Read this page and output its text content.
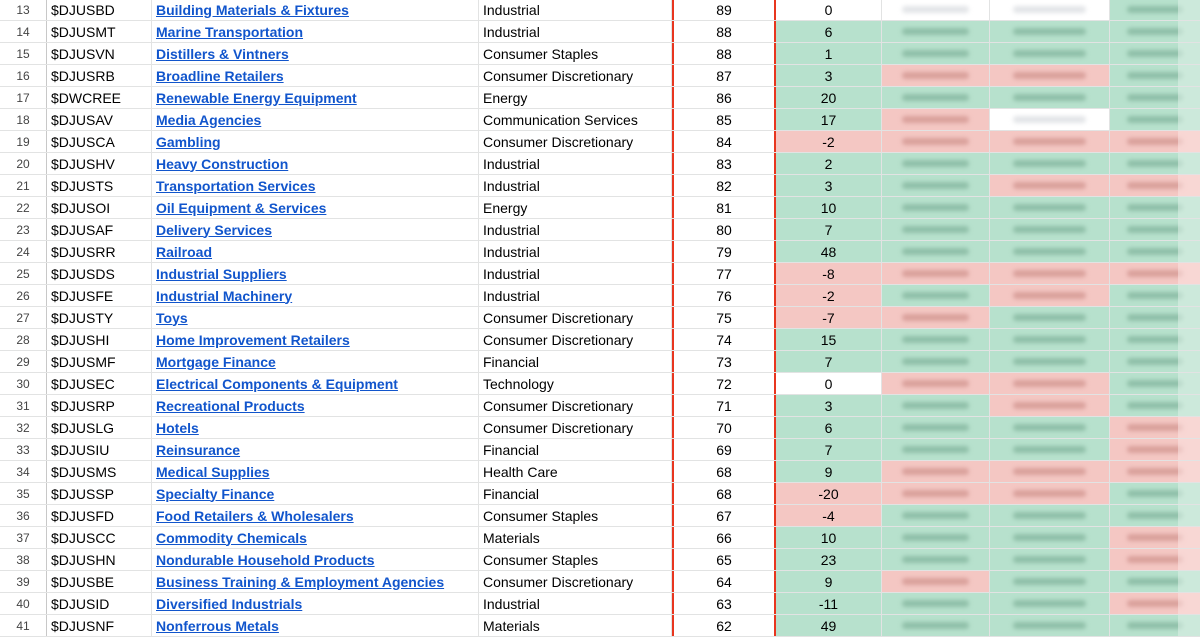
13 $DJUSBD	Building Materials & Fixtures	Industrial	89	0
14 $DJUSMT	Marine Transportation	Industrial	88	6
15 $DJUSVN	Distillers & Vintners	Consumer Staples	88	1
16 $DJUSRB	Broadline Retailers	Consumer Discretionary	87	3
17 $DWCREE Renewable Energy Equipment	Energy	86	20
18 $DJUSAV	Media Agencies	Communication Services	85	17
19 $DJUSCA	Gambling	Consumer Discretionary	84	-2
20 $DJUSHV	Heavy Construction	Industrial	83	2
21 $DJUSTS	Transportation Services	Industrial	82	3
22 $DJUSOI	Oil Equipment & Services	Energy	81	10
23 $DJUSAF	Delivery Services	Industrial	80	7
24 $DJUSRR	Railroad	Industrial	79	48
25 $DJUSDS	Industrial Suppliers	Industrial	77	-8
26 $DJUSFE	Industrial Machinery	Industrial	76	-2
27 $DJUSTY	Toys	Consumer Discretionary	75	-7
28 $DJUSHI	Home Improvement Retailers	Consumer Discretionary	74	15
29 $DJUSMF	Mortgage Finance	Financial	73	7
30 $DJUSEC	Electrical Components & Equipment	Technology	72	0
31 $DJUSRP	Recreational Products	Consumer Discretionary	71	3
32 $DJUSLG	Hotels	Consumer Discretionary	70	6
33 $DJUSIU	Reinsurance	Financial	69	7
34 $DJUSMS	Medical Supplies	Health Care	68	9
35 $DJUSSP	Specialty Finance	Financial	68	-20
36 $DJUSFD	Food Retailers & Wholesalers	Consumer Staples	67	-4
37 $DJUSCC	Commodity Chemicals	Materials	66	10
38 $DJUSHN	Nondurable Household Products	Consumer Staples	65	23
39 $DJUSBE	Business Training & Employment Agencies	Consumer Discretionary	64	9
40 $DJUSID	Diversified Industrials	Industrial	63	-11
41 $DJUSNF	Nonferrous Metals	Materials	62	49
